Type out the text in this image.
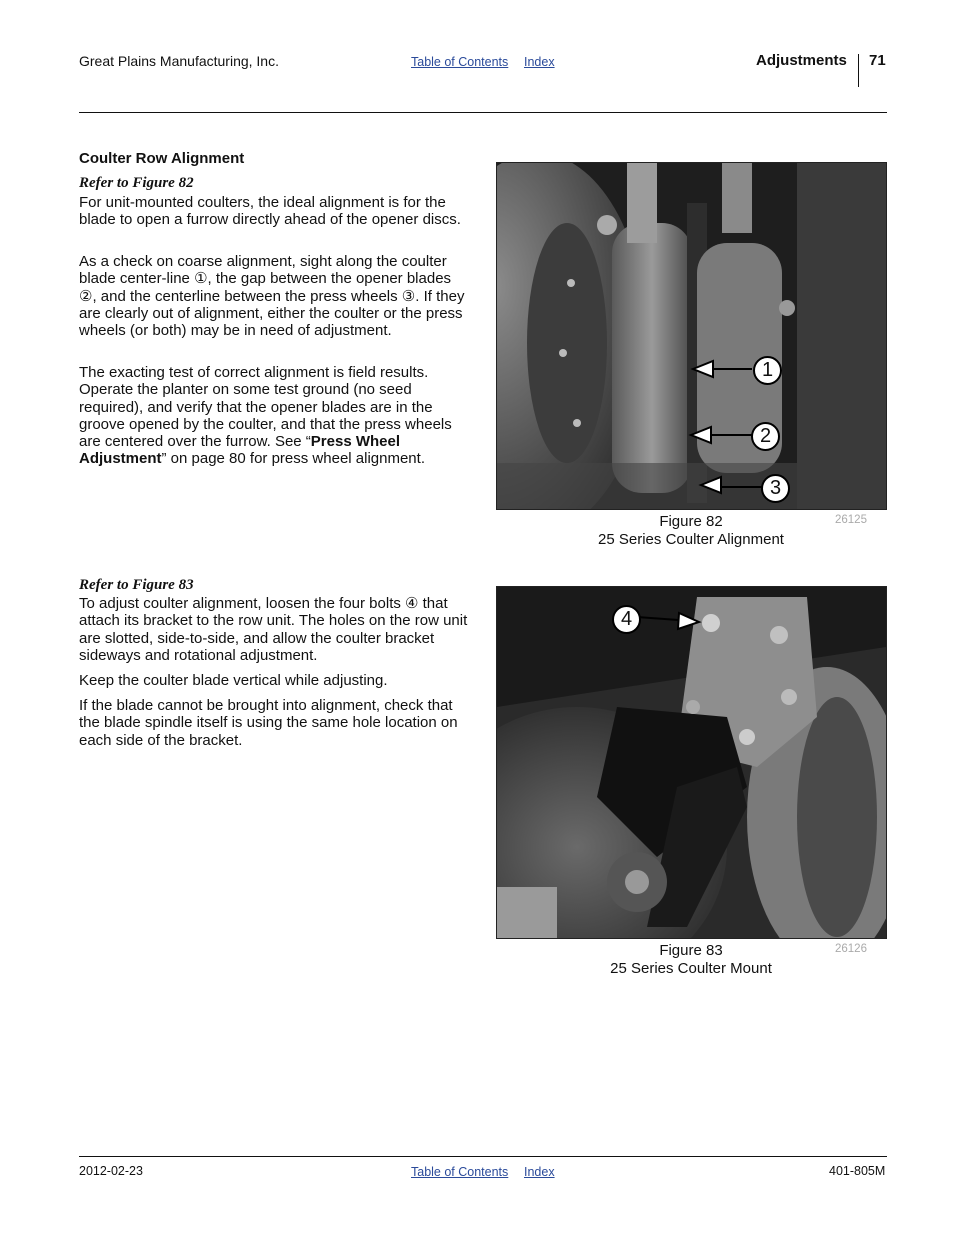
Great Plains Manufacturing, Inc.	Table of Contents Index	Adjustments 71
Coulter Row Alignment
Refer to Figure 82

For unit-mounted coulters, the ideal alignment is for the blade to open a furrow directly ahead of the opener discs.

As a check on coarse alignment, sight along the coulter blade center-line ①, the gap between the opener blades ②, and the centerline between the press wheels ③. If they are clearly out of alignment, either the coulter or the press wheels (or both) may be in need of adjustment.

The exacting test of correct alignment is field results. Operate the planter on some test ground (no seed required), and verify that the opener blades are in the groove opened by the coulter, and that the press wheels are centered over the furrow. See “Press Wheel Adjustment” on page 80 for press wheel alignment.

1
2
3
Figure 82
25 Series Coulter Alignment
26125
Refer to Figure 83

To adjust coulter alignment, loosen the four bolts ④ that attach its bracket to the row unit. The holes on the row unit are slotted, side-to-side, and allow the coulter bracket sideways and rotational adjustment.

Keep the coulter blade vertical while adjusting.

If the blade cannot be brought into alignment, check that the blade spindle itself is using the same hole location on each side of the bracket.

4
Figure 83
25 Series Coulter Mount
26126
2012-02-23	Table of Contents Index	401-805M
